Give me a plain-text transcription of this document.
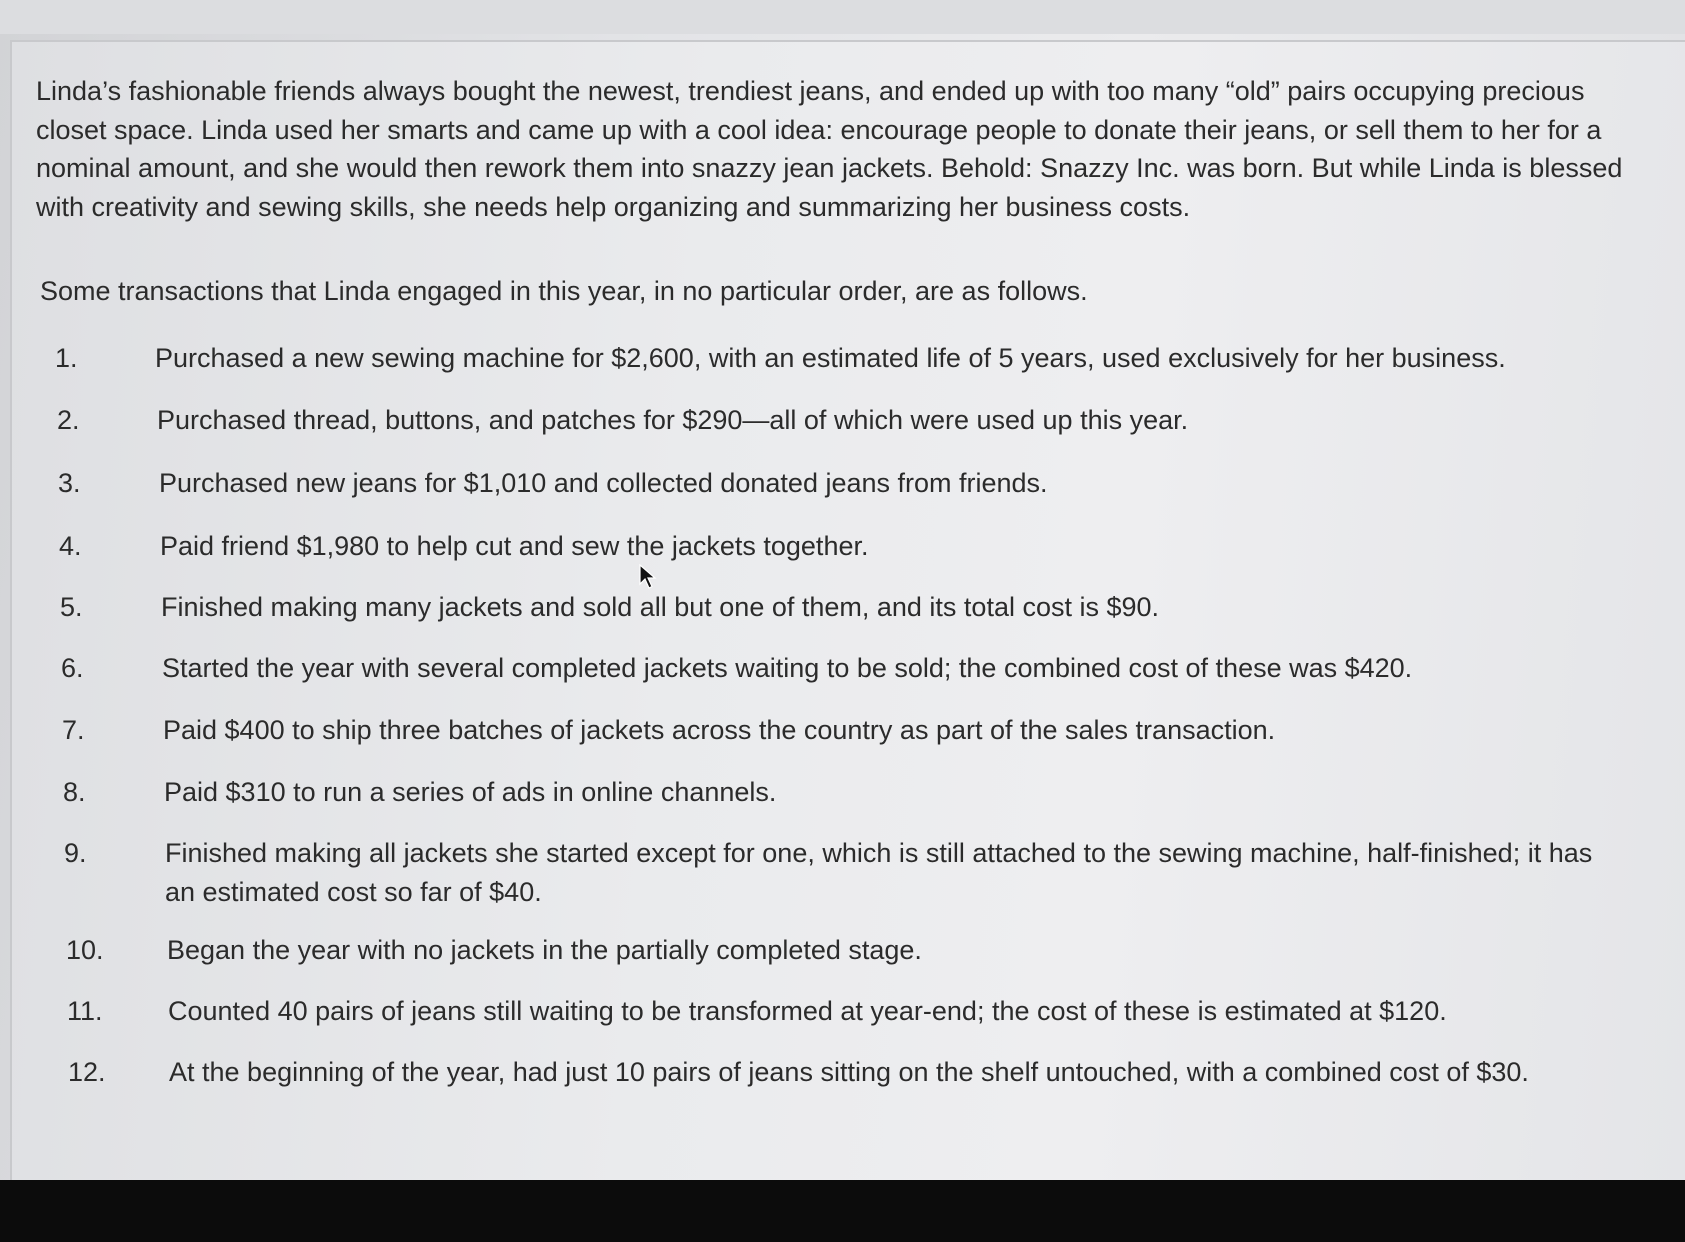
Linda’s fashionable friends always bought the newest, trendiest jeans, and ended up with too many “old” pairs occupying precious closet space. Linda used her smarts and came up with a cool idea: encourage people to donate their jeans, or sell them to her for a nominal amount, and she would then rework them into snazzy jean jackets. Behold: Snazzy Inc. was born. But while Linda is blessed with creativity and sewing skills, she needs help organizing and summarizing her business costs.

Some transactions that Linda engaged in this year, in no particular order, are as follows.

1.	Purchased a new sewing machine for $2,600, with an estimated life of 5 years, used exclusively for her business.
2.	Purchased thread, buttons, and patches for $290—all of which were used up this year.
3.	Purchased new jeans for $1,010 and collected donated jeans from friends.
4.	Paid friend $1,980 to help cut and sew the jackets together.
5.	Finished making many jackets and sold all but one of them, and its total cost is $90.
6.	Started the year with several completed jackets waiting to be sold; the combined cost of these was $420.
7.	Paid $400 to ship three batches of jackets across the country as part of the sales transaction.
8.	Paid $310 to run a series of ads in online channels.
9.	Finished making all jackets she started except for one, which is still attached to the sewing machine, half-finished; it has an estimated cost so far of $40.
10.	Began the year with no jackets in the partially completed stage.
11.	Counted 40 pairs of jeans still waiting to be transformed at year-end; the cost of these is estimated at $120.
12.	At the beginning of the year, had just 10 pairs of jeans sitting on the shelf untouched, with a combined cost of $30.
